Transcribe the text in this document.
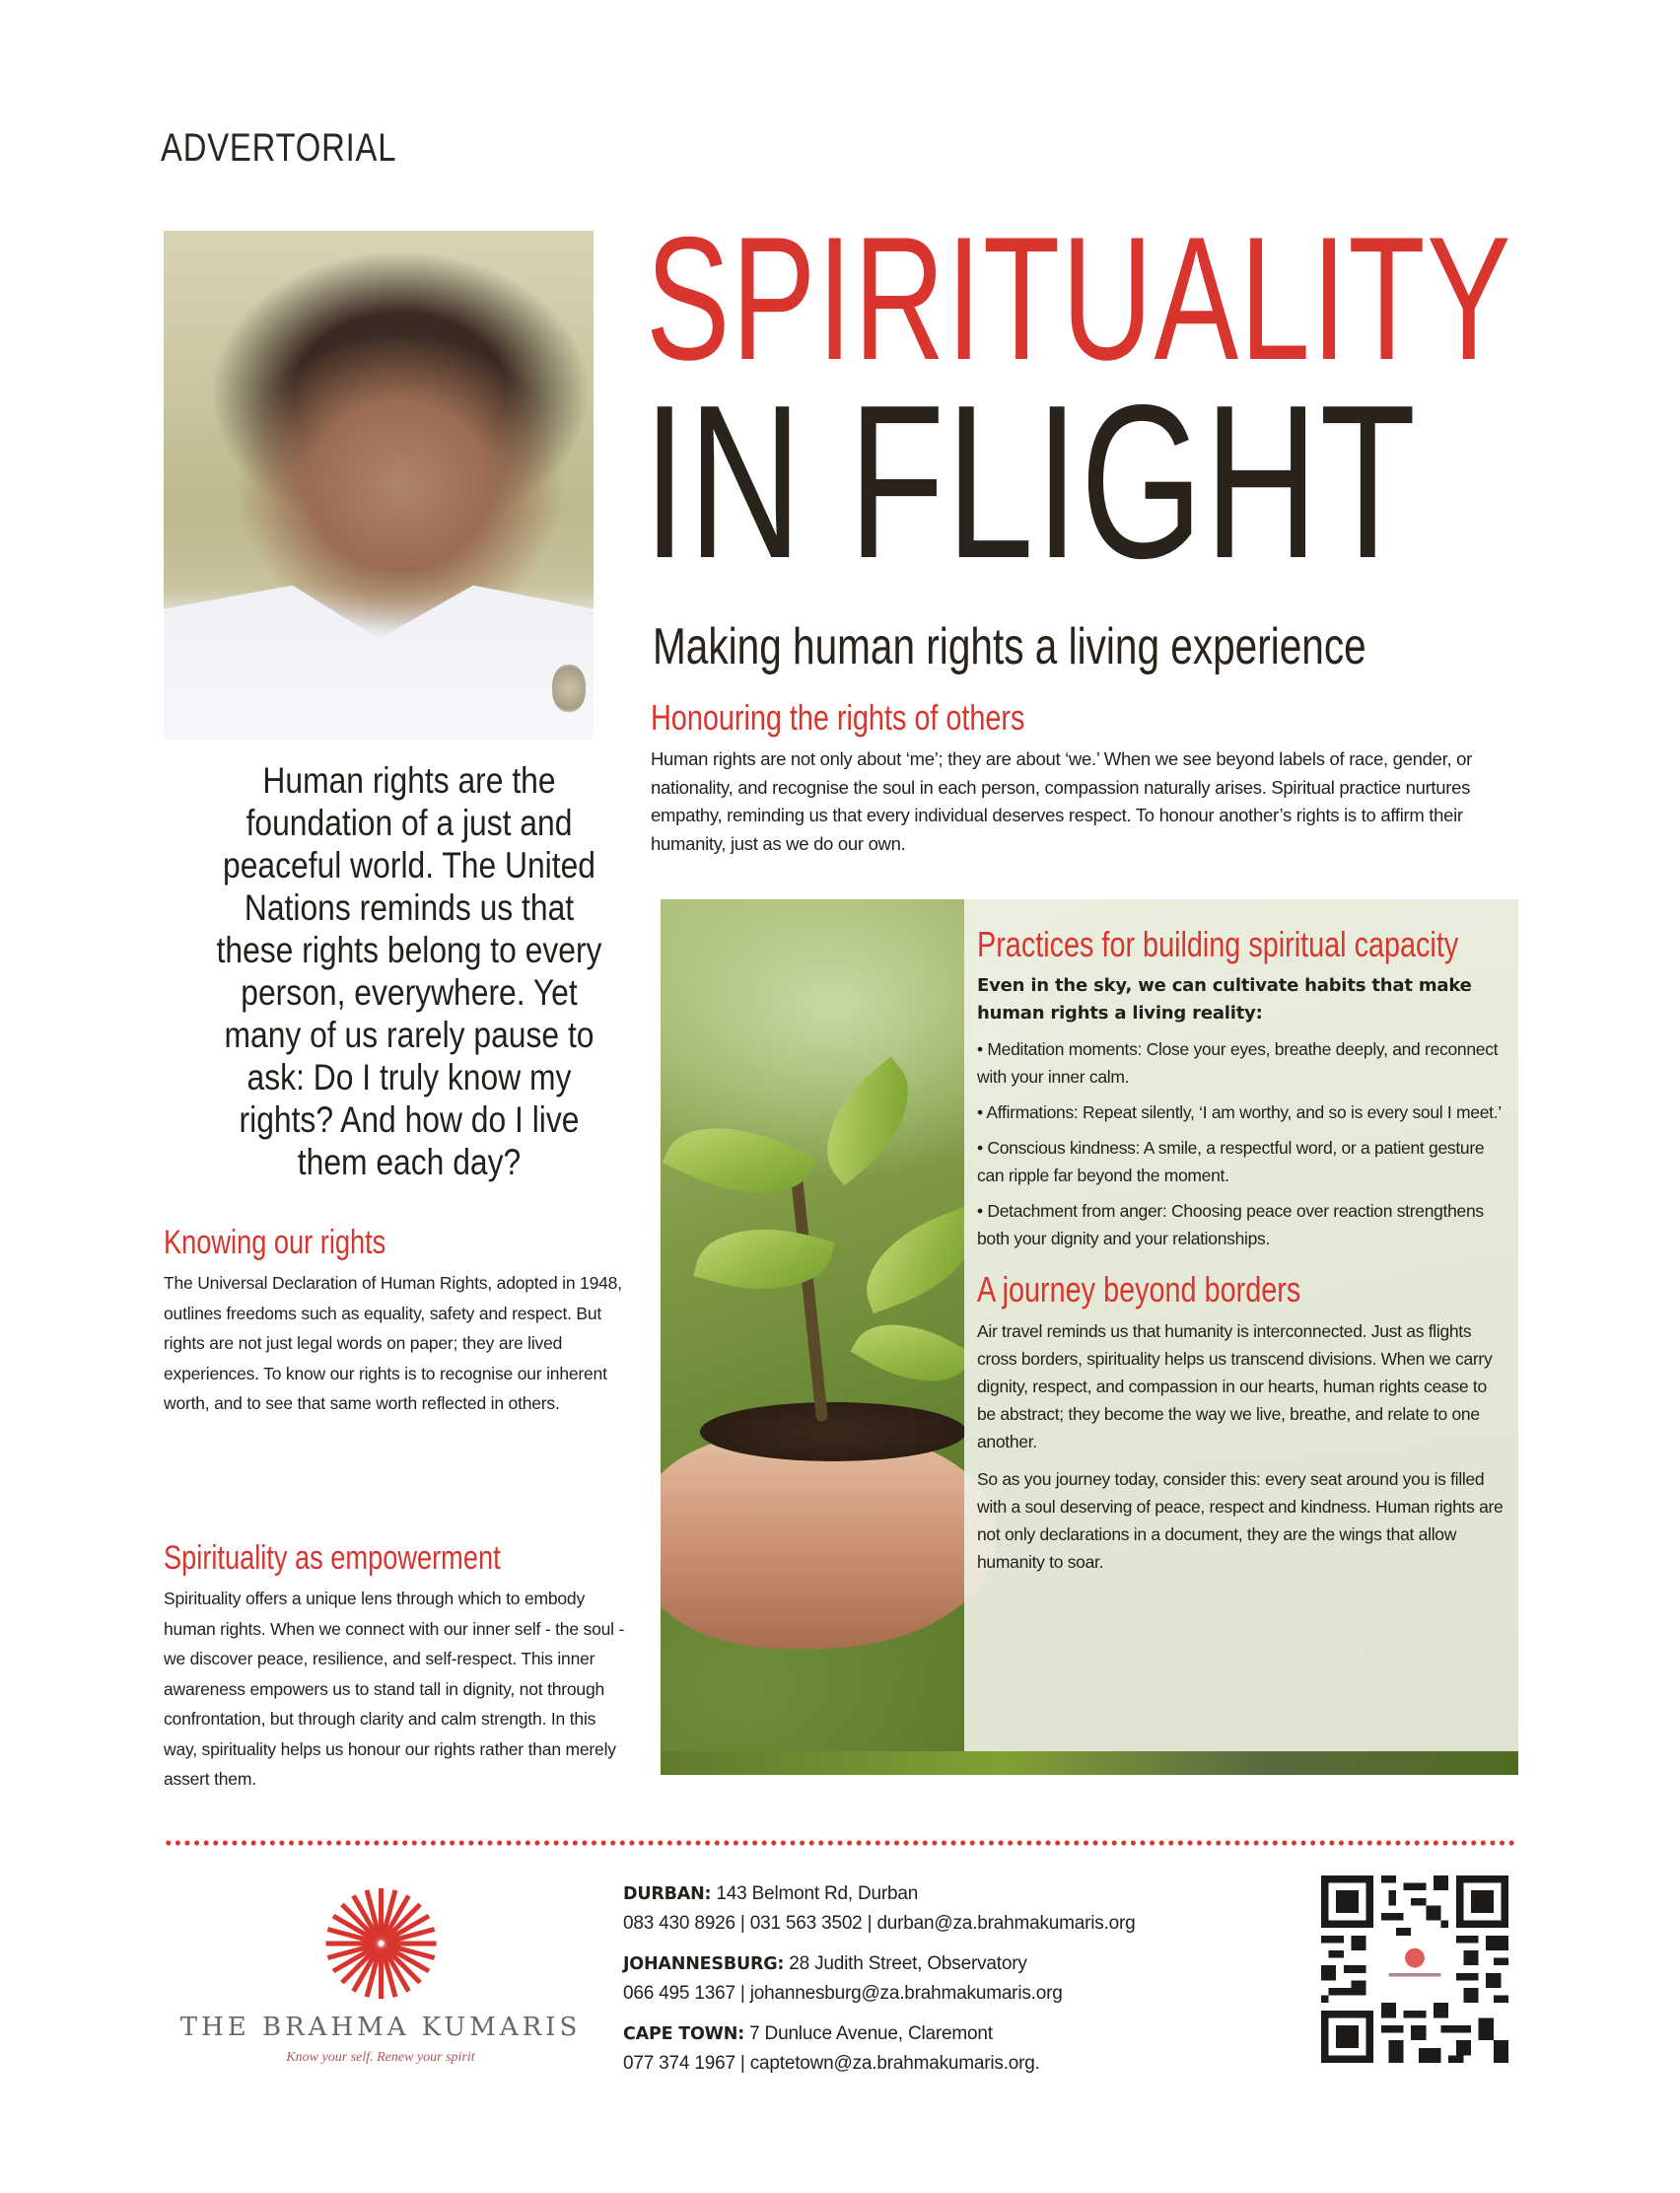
ADVERTORIAL
SPIRITUALITY
IN FLIGHT
Making human rights a living experience
Honouring the rights of others
Human rights are not only about ‘me’; they are about ‘we.’ When we see beyond labels of race, gender, or nationality, and recognise the soul in each person, compassion naturally arises. Spiritual practice nurtures empathy, reminding us that every individual deserves respect. To honour another’s rights is to affirm their humanity, just as we do our own.
Human rights are the foundation of a just and peaceful world. The United Nations reminds us that these rights belong to every person, everywhere. Yet many of us rarely pause to ask: Do I truly know my rights? And how do I live them each day?
Knowing our rights
The Universal Declaration of Human Rights, adopted in 1948, outlines freedoms such as equality, safety and respect. But rights are not just legal words on paper; they are lived experiences. To know our rights is to recognise our inherent worth, and to see that same worth reflected in others.
Spirituality as empowerment
Spirituality offers a unique lens through which to embody human rights. When we connect with our inner self - the soul - we discover peace, resilience, and self-respect. This inner awareness empowers us to stand tall in dignity, not through confrontation, but through clarity and calm strength. In this way, spirituality helps us honour our rights rather than merely assert them.
Practices for building spiritual capacity
Even in the sky, we can cultivate habits that make human rights a living reality:
• Meditation moments: Close your eyes, breathe deeply, and reconnect with your inner calm.
• Affirmations: Repeat silently, ‘I am worthy, and so is every soul I meet.’
• Conscious kindness: A smile, a respectful word, or a patient gesture can ripple far beyond the moment.
• Detachment from anger: Choosing peace over reaction strengthens both your dignity and your relationships.
A journey beyond borders
Air travel reminds us that humanity is interconnected. Just as flights cross borders, spirituality helps us transcend divisions. When we carry dignity, respect, and compassion in our hearts, human rights cease to be abstract; they become the way we live, breathe, and relate to one another.
So as you journey today, consider this: every seat around you is filled with a soul deserving of peace, respect and kindness. Human rights are not only declarations in a document, they are the wings that allow humanity to soar.
THE BRAHMA KUMARIS
Know your self. Renew your spirit
DURBAN: 143 Belmont Rd, Durban
083 430 8926 | 031 563 3502 | durban@za.brahmakumaris.org
JOHANNESBURG: 28 Judith Street, Observatory
066 495 1367 | johannesburg@za.brahmakumaris.org
CAPE TOWN: 7 Dunluce Avenue, Claremont
077 374 1967 | captetown@za.brahmakumaris.org.
